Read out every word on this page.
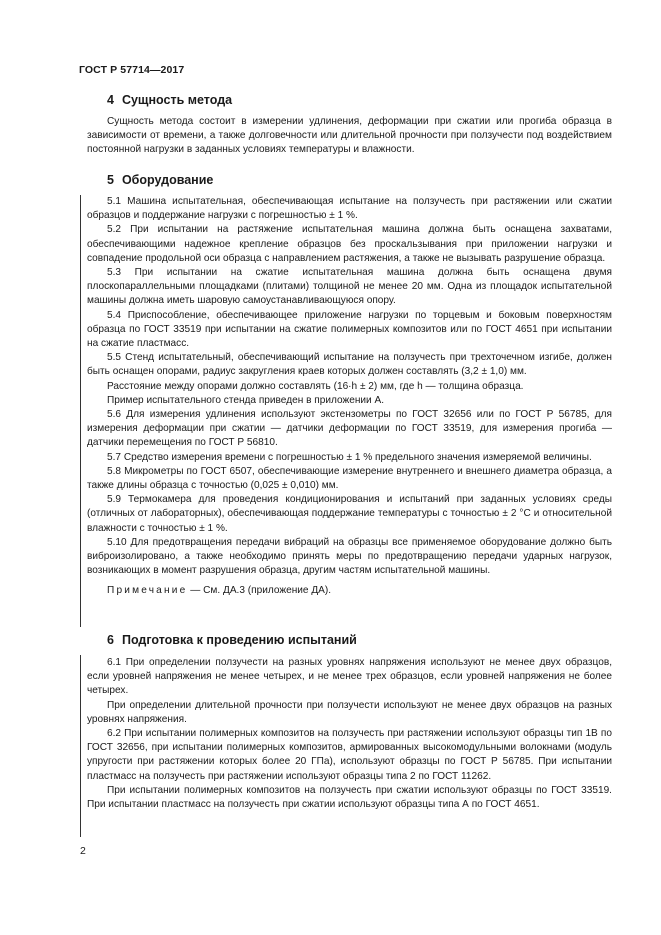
ГОСТ Р 57714—2017
4 Сущность метода

Сущность метода состоит в измерении удлинения, деформации при сжатии или прогиба образца в зависимости от времени, а также долговечности или длительной прочности при ползучести под воздействием постоянной нагрузки в заданных условиях температуры и влажности.

5 Оборудование

5.1 Машина испытательная, обеспечивающая испытание на ползучесть при растяжении или сжатии образцов и поддержание нагрузки с погрешностью ± 1 %.

5.2 При испытании на растяжение испытательная машина должна быть оснащена захватами, обеспечивающими надежное крепление образцов без проскальзывания при приложении нагрузки и совпадение продольной оси образца с направлением растяжения, а также не вызывать разрушение образца.

5.3 При испытании на сжатие испытательная машина должна быть оснащена двумя плоскопараллельными площадками (плитами) толщиной не менее 20 мм. Одна из площадок испытательной машины должна иметь шаровую самоустанавливающуюся опору.

5.4 Приспособление, обеспечивающее приложение нагрузки по торцевым и боковым поверхностям образца по ГОСТ 33519 при испытании на сжатие полимерных композитов или по ГОСТ 4651 при испытании на сжатие пластмасс.

5.5 Стенд испытательный, обеспечивающий испытание на ползучесть при трехточечном изгибе, должен быть оснащен опорами, радиус закругления краев которых должен составлять (3,2 ± 1,0) мм.

Расстояние между опорами должно составлять (16·h ± 2) мм, где h — толщина образца.

Пример испытательного стенда приведен в приложении А.

5.6 Для измерения удлинения используют экстензометры по ГОСТ 32656 или по ГОСТ Р 56785, для измерения деформации при сжатии — датчики деформации по ГОСТ 33519, для измерения прогиба — датчики перемещения по ГОСТ Р 56810.

5.7 Средство измерения времени с погрешностью ± 1 % предельного значения измеряемой величины.

5.8 Микрометры по ГОСТ 6507, обеспечивающие измерение внутреннего и внешнего диаметра образца, а также длины образца с точностью (0,025 ± 0,010) мм.

5.9 Термокамера для проведения кондиционирования и испытаний при заданных условиях среды (отличных от лабораторных), обеспечивающая поддержание температуры с точностью ± 2 °С и относительной влажности с точностью ± 1 %.

5.10 Для предотвращения передачи вибраций на образцы все применяемое оборудование должно быть виброизолировано, а также необходимо принять меры по предотвращению передачи ударных нагрузок, возникающих в момент разрушения образца, другим частям испытательной машины.

Примечание — См. ДА.3 (приложение ДА).

6 Подготовка к проведению испытаний

6.1 При определении ползучести на разных уровнях напряжения используют не менее двух образцов, если уровней напряжения не менее четырех, и не менее трех образцов, если уровней напряжения не более четырех.

При определении длительной прочности при ползучести используют не менее двух образцов на разных уровнях напряжения.

6.2 При испытании полимерных композитов на ползучесть при растяжении используют образцы тип 1В по ГОСТ 32656, при испытании полимерных композитов, армированных высокомодульными волокнами (модуль упругости при растяжении которых более 20 ГПа), используют образцы по ГОСТ Р 56785. При испытании пластмасс на ползучесть при растяжении используют образцы типа 2 по ГОСТ 11262.

При испытании полимерных композитов на ползучесть при сжатии используют образцы по ГОСТ 33519. При испытании пластмасс на ползучесть при сжатии используют образцы типа А по ГОСТ 4651.

2
